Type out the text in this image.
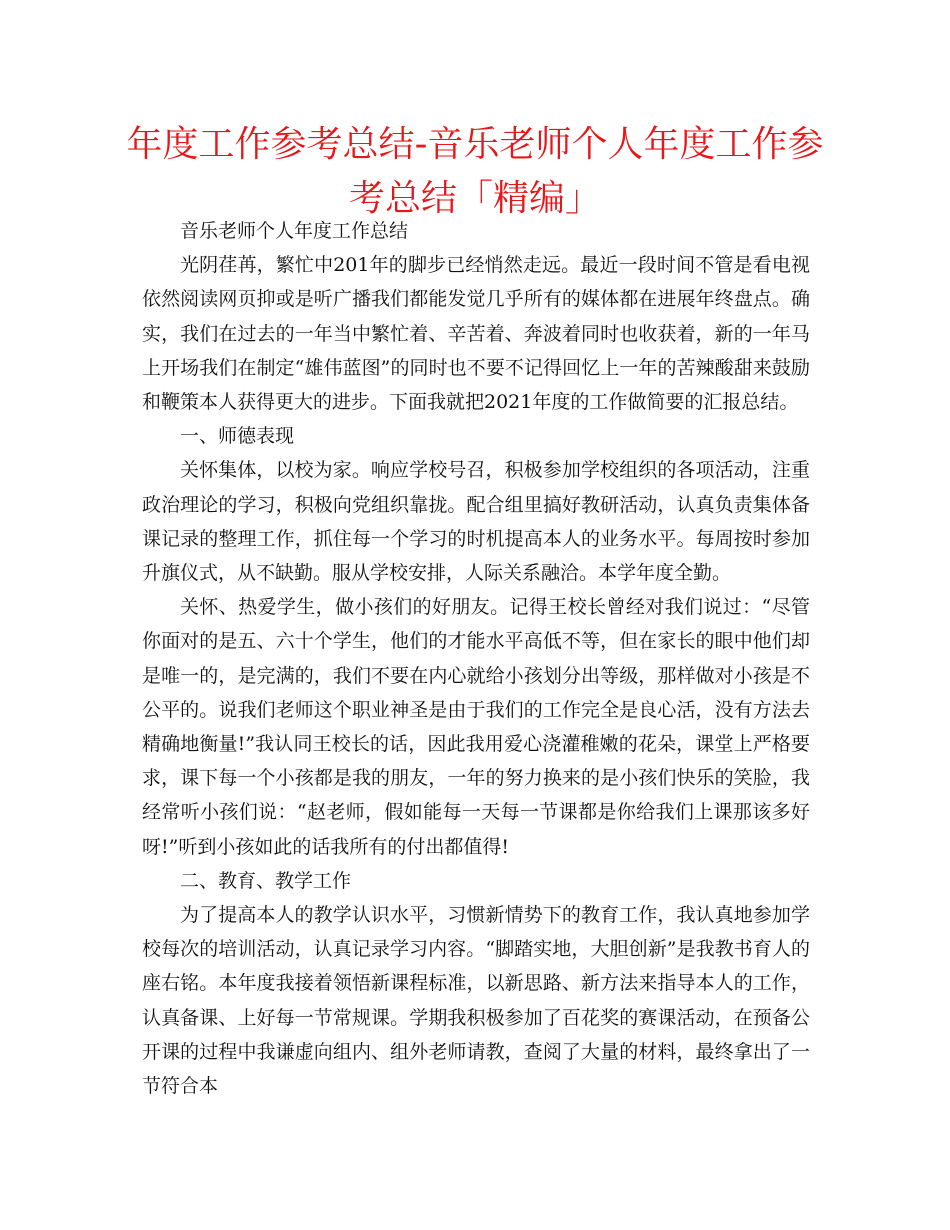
年度工作参考总结-音乐老师个人年度工作参考总结「精编」

音乐老师个人年度工作总结

光阴荏苒，繁忙中201年的脚步已经悄然走远。最近一段时间不管是看电视依然阅读网页抑或是听广播我们都能发觉几乎所有的媒体都在进展年终盘点。确实，我们在过去的一年当中繁忙着、辛苦着、奔波着同时也收获着，新的一年马上开场我们在制定“雄伟蓝图”的同时也不要不记得回忆上一年的苦辣酸甜来鼓励和鞭策本人获得更大的进步。下面我就把2021年度的工作做简要的汇报总结。

一、师德表现

关怀集体，以校为家。响应学校号召，积极参加学校组织的各项活动，注重政治理论的学习，积极向党组织靠拢。配合组里搞好教研活动，认真负责集体备课记录的整理工作，抓住每一个学习的时机提高本人的业务水平。每周按时参加升旗仪式，从不缺勤。服从学校安排，人际关系融洽。本学年度全勤。

关怀、热爱学生，做小孩们的好朋友。记得王校长曾经对我们说过：“尽管你面对的是五、六十个学生，他们的才能水平高低不等，但在家长的眼中他们却是唯一的，是完满的，我们不要在内心就给小孩划分出等级，那样做对小孩是不公平的。说我们老师这个职业神圣是由于我们的工作完全是良心活，没有方法去精确地衡量!”我认同王校长的话，因此我用爱心浇灌稚嫩的花朵，课堂上严格要求，课下每一个小孩都是我的朋友，一年的努力换来的是小孩们快乐的笑脸，我经常听小孩们说：“赵老师，假如能每一天每一节课都是你给我们上课那该多好呀!”听到小孩如此的话我所有的付出都值得!

二、教育、教学工作

为了提高本人的教学认识水平，习惯新情势下的教育工作，我认真地参加学校每次的培训活动，认真记录学习内容。“脚踏实地，大胆创新”是我教书育人的座右铭。本年度我接着领悟新课程标准，以新思路、新方法来指导本人的工作，认真备课、上好每一节常规课。学期我积极参加了百花奖的赛课活动，在预备公开课的过程中我谦虚向组内、组外老师请教，查阅了大量的材料，最终拿出了一节符合本
